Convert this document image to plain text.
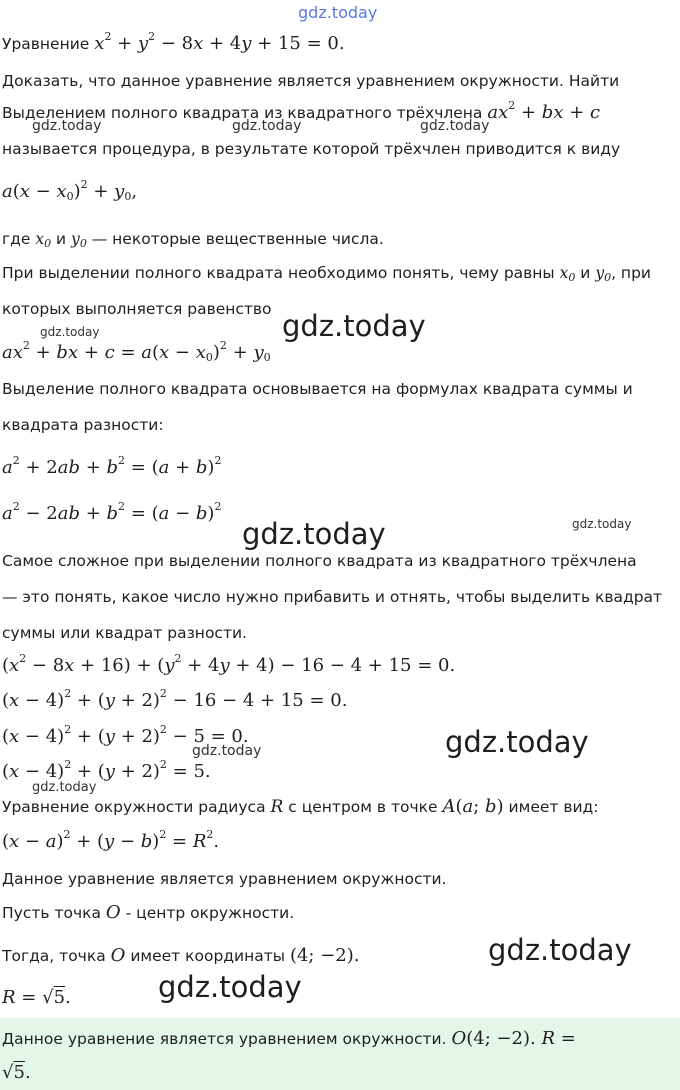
gdz.today
gdz.today	gdz.today	gdz.today
gdz.today	gdz.today
gdz.today	gdz.today
gdz.today
gdz.today
gdz.today
gdz.today
gdz.today
Уравнение $x^2 + y^2 - 8x + 4y + 15 = 0$.
Доказать, что данное уравнение является уравнением окружности. Найти
Выделением полного квадрата из квадратного трёхчлена $ax^2$ + bx + c
называется процедура, в результате которой трёхчлен приводится к виду
$a(x - x_0)^2 + y_0$,
где $x_0$ и $y_0$ — некоторые вещественные числа.
При выделении полного квадрата необходимо понять, чему равны $x_0$ и $y_0$, при
которых выполняется равенство
$ax^2$ + bx + $c = a(x - x_0)^2 + y_0$
Выделение полного квадрата основывается на формулах квадрата суммы и
квадрата разности:
$a^2 + 2ab + b^2 = (a + b)^2$
$a^2 - 2ab + b^2 = (a - b)^2$
Самое сложное при выделении полного квадрата из квадратного трёхчлена
— это понять, какое число нужно прибавить и отнять, чтобы выделить квадрат
суммы или квадрат разности.
$(x^2 - 8x + 16) + (y^2 + 4y + 4) - 16 - 4 + 15 = 0$.
$(x - 4)^2 + (y + 2)^2 - 16 - 4 + 15 = 0$.
$(x - 4)^2 + (y + 2)^2 - 5 = 0$.
$(x - 4)^2 + (y + 2)^2 = 5$.
Уравнение окружности радиуса R с центром в точке A(a; b) имеет вид:
$(x - a)^2 + (y - b)^2 = R^2$.
Данное уравнение является уравнением окружности.
Пусть точка O - центр окружности.
Тогда, точка O имеет координаты (4; −2).
R = √5.
Данное уравнение является уравнением окружности. O(4; −2). R =
√5.
